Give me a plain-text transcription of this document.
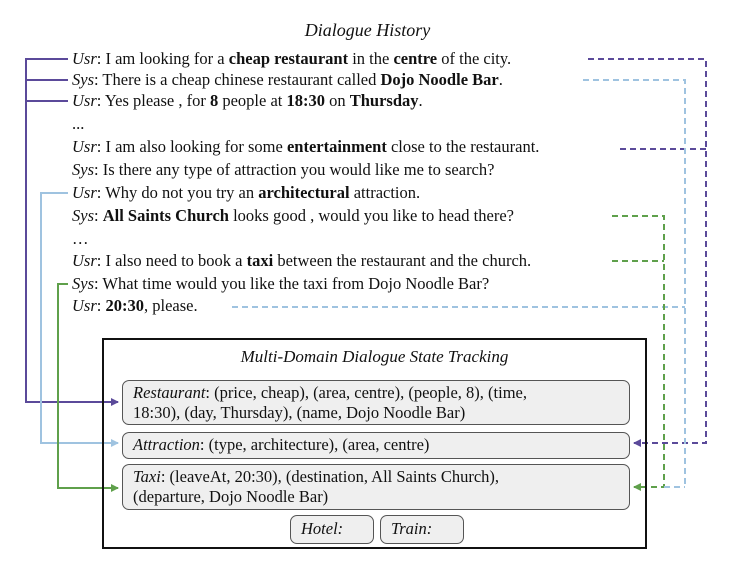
Dialogue History
Usr: I am looking for a cheap restaurant in the centre of the city.
Sys: There is a cheap chinese restaurant called Dojo Noodle Bar.
Usr: Yes please , for 8 people at 18:30 on Thursday.
...
Usr: I am also looking for some entertainment close to the restaurant.
Sys: Is there any type of attraction you would like me to search?
Usr: Why do not you try an architectural attraction.
Sys: All Saints Church looks good , would you like to head there?
…
Usr: I also need to book a taxi between the restaurant and the church.
Sys: What time would you like the taxi from Dojo Noodle Bar?
Usr: 20:30, please.
Multi-Domain Dialogue State Tracking
Restaurant: (price, cheap), (area, centre), (people, 8), (time,
18:30), (day, Thursday), (name, Dojo Noodle Bar)
Attraction: (type, architecture), (area, centre)
Taxi: (leaveAt, 20:30), (destination, All Saints Church),
(departure, Dojo Noodle Bar)
Hotel:	Train:
